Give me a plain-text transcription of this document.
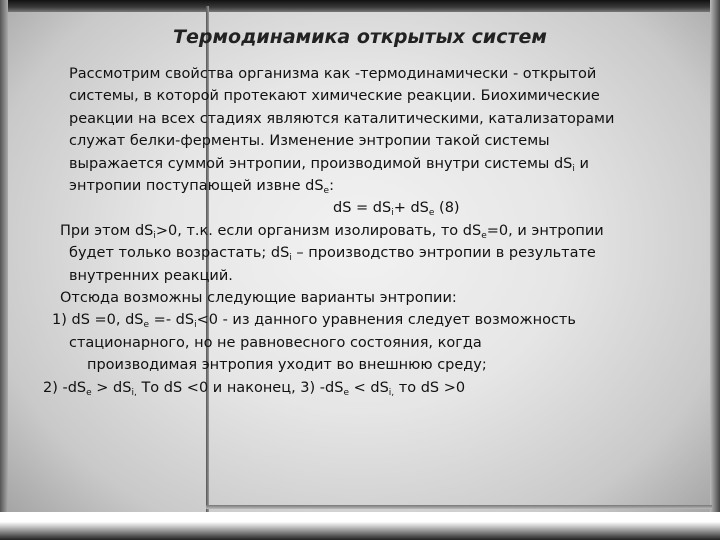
Термодинамика открытых систем
Рассмотрим свойства организма как -термодинамически - открытой
системы, в которой протекают химические реакции. Биохимические
реакции на всех стадиях являются каталитическими, катализаторами
служат белки-ферменты. Изменение энтропии такой системы
выражается суммой энтропии, производимой внутри системы $dS_i$ и
энтропии поступающей извне $dS_e$:
dS = $dS_i+ dS_e$ (8)
При этом $dS_i>0$, т.к. если организм изолировать, то $dS_e=0$, и энтропии
будет только возрастать; $dS_i$ – производство энтропии в результате
внутренних реакций.
Отсюда возможны следующие варианты энтропии:
1) dS =0, $dS_e =- dS_i<0$ - из данного уравнения следует возможность
стационарного, но не равновесного состояния, когда
производимая энтропия уходит во внешнюю среду;
2) $-dS_e > dS_{i,}$ То dS <0 и наконец, 3) $-dS_e < dS_{i,}$ то dS >0
